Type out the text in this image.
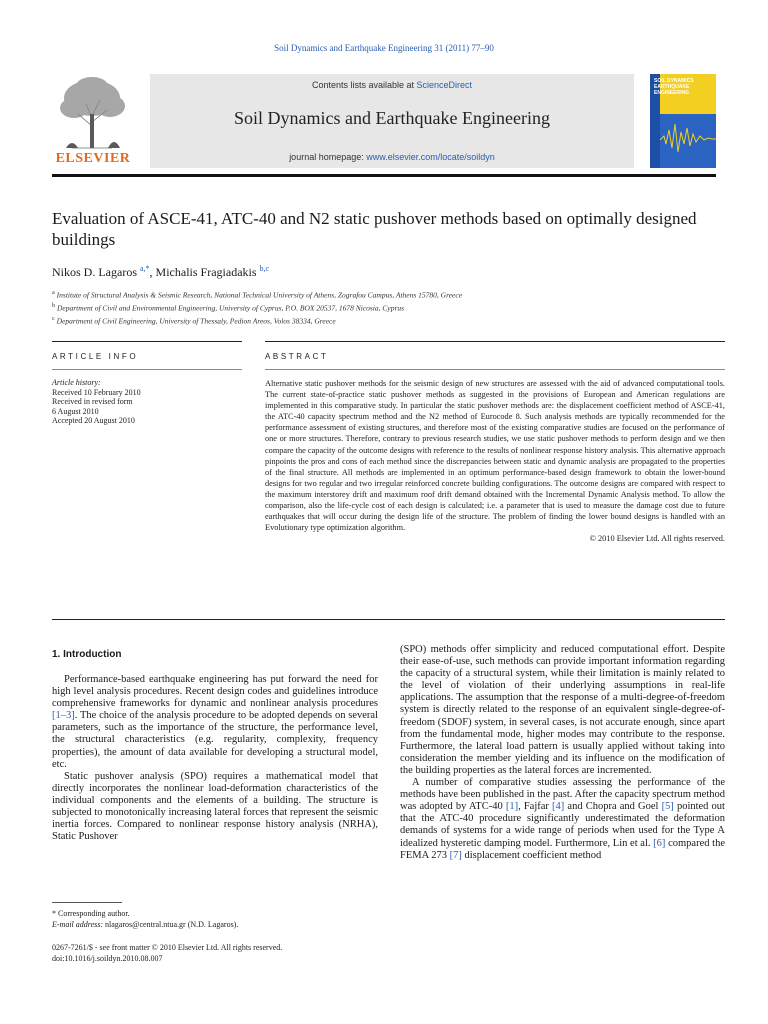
Soil Dynamics and Earthquake Engineering 31 (2011) 77–90
ELSEVIER
Contents lists available at ScienceDirect
Soil Dynamics and Earthquake Engineering
journal homepage: www.elsevier.com/locate/soildyn
SOIL DYNAMICS EARTHQUAKE ENGINEERING
Evaluation of ASCE-41, ATC-40 and N2 static pushover methods based on optimally designed buildings
Nikos D. Lagaros $^{a,*}$, Michalis Fragiadakis $^{b,c}$
$^a$ Institute of Structural Analysis & Seismic Research, National Technical University of Athens, Zografou Campus, Athens 15780, Greece
$^b$ Department of Civil and Environmental Engineering, University of Cyprus, P.O. BOX 20537, 1678 Nicosia, Cyprus
$^c$ Department of Civil Engineering, University of Thessaly, Pedion Areos, Volos 38334, Greece
ARTICLE INFO	ABSTRACT
Article history:
Received 10 February 2010
Received in revised form
6 August 2010
Accepted 20 August 2010
Alternative static pushover methods for the seismic design of new structures are assessed with the aid of advanced computational tools. The current state-of-practice static pushover methods as suggested in the provisions of European and American regulations are implemented in this comparative study. In particular the static pushover methods are: the displacement coefficient method of ASCE-41, the ATC-40 capacity spectrum method and the N2 method of Eurocode 8. Such analysis methods are typically recommended for the performance assessment of existing structures, and therefore most of the existing comparative studies are focused on the performance of one or more structures. Therefore, contrary to previous research studies, we use static pushover methods to perform design and we then compare the capacity of the outcome designs with reference to the results of nonlinear response history analysis. This alternative approach pinpoints the pros and cons of each method since the discrepancies between static and dynamic analysis are propagated to the properties of the final structure. All methods are implemented in an optimum performance-based design framework to obtain the lower-bound designs for two regular and two irregular reinforced concrete building configurations. The outcome designs are compared with respect to the maximum interstorey drift and maximum roof drift demand obtained with the Incremental Dynamic Analysis method. To allow the comparison, also the life-cycle cost of each design is calculated; i.e. a parameter that is used to measure the damage cost due to future earthquakes that will occur during the design life of the structure. The problem of finding the lower bound designs is handled with an Evolutionary type optimization algorithm.
© 2010 Elsevier Ltd. All rights reserved.
1. Introduction

Performance-based earthquake engineering has put forward the need for high level analysis procedures. Recent design codes and guidelines introduce comprehensive frameworks for dynamic and nonlinear analysis procedures [1–3]. The choice of the analysis procedure to be adopted depends on several parameters, such as the importance of the structure, the performance level, the structural characteristics (e.g. regularity, complexity, frequency properties), the amount of data available for developing a structural model, etc.

Static pushover analysis (SPO) requires a mathematical model that directly incorporates the nonlinear load-deformation characteristics of the individual components and the elements of a building. The structure is subjected to monotonically increasing lateral forces that represent the seismic inertia forces. Compared to nonlinear response history analysis (NRHA), Static Pushover

(SPO) methods offer simplicity and reduced computational effort. Despite their ease-of-use, such methods can provide important information regarding the capacity of a structural system, while their limitation is mainly related to the level of violation of their underlying assumptions in real-life applications. The assumption that the response of a multi-degree-of-freedom system is directly related to the response of an equivalent single-degree-of-freedom (SDOF) system, in several cases, is not accurate enough, since apart from the fundamental mode, higher modes may contribute to the response. Furthermore, the lateral load pattern is usually applied without taking into consideration the member yielding and its influence on the modification of the building properties as the lateral forces are incremented.

A number of comparative studies assessing the performance of the methods have been published in the past. After the capacity spectrum method was adopted by ATC-40 [1], Fajfar [4] and Chopra and Goel [5] pointed out that the ATC-40 procedure significantly underestimated the deformation demands of systems for a wide range of periods when used for the Type A idealized hysteretic damping model. Furthermore, Lin et al. [6] compared the FEMA 273 [7] displacement coefficient method

* Corresponding author.
E-mail address: nlagaros@central.ntua.gr (N.D. Lagaros).
0267-7261/$ - see front matter © 2010 Elsevier Ltd. All rights reserved.
doi:10.1016/j.soildyn.2010.08.007
